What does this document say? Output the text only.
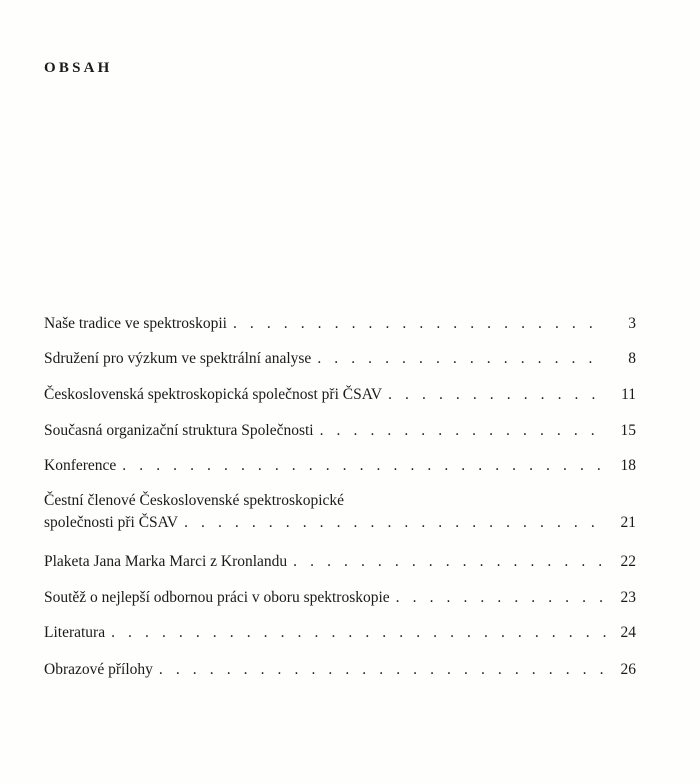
OBSAH
Naše tradice ve spektroskopii . . .	3
Sdružení pro výzkum ve spektrální analyse . . .	8
Československá spektroskopická společnost při ČSAV . . .	11
Současná organizační struktura Společnosti . . .	15
Konference . . .	18
Čestní členové Československé spektroskopické
společnosti při ČSAV . . .	21
Plaketa Jana Marka Marci z Kronlandu . . .	22
Soutěž o nejlepší odbornou práci v oboru spektroskopie . . .	23
Literatura . . .	24
Obrazové přílohy . . .	26
